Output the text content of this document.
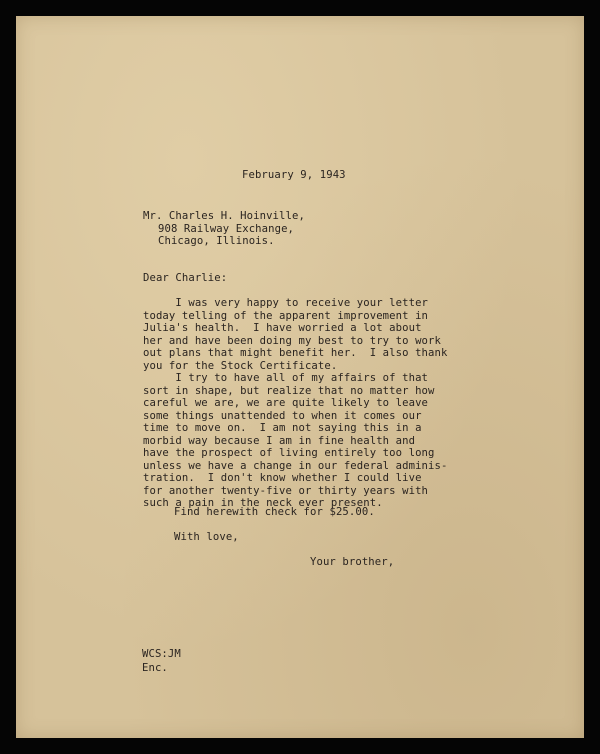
February 9, 1943

Mr. Charles H. Hoinville,
908 Railway Exchange,
Chicago, Illinois.

Dear Charlie:

I was very happy to receive your letter
today telling of the apparent improvement in
Julia's health.  I have worried a lot about
her and have been doing my best to try to work
out plans that might benefit her.  I also thank
you for the Stock Certificate.

I try to have all of my affairs of that
sort in shape, but realize that no matter how
careful we are, we are quite likely to leave
some things unattended to when it comes our
time to move on.  I am not saying this in a
morbid way because I am in fine health and
have the prospect of living entirely too long
unless we have a change in our federal adminis-
tration.  I don't know whether I could live
for another twenty-five or thirty years with
such a pain in the neck ever present.

Find herewith check for $25.00.

With love,

Your brother,

WCS:JM

Enc.
